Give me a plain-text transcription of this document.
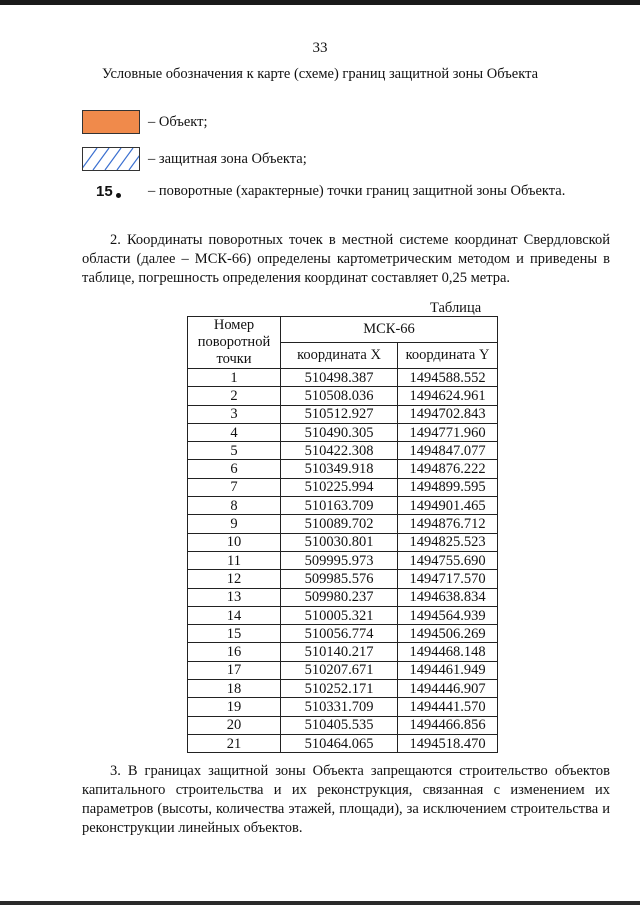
33
Условные обозначения к карте (схеме) границ защитной зоны Объекта
– Объект;
– защитная зона Объекта;
15	– поворотные (характерные) точки границ защитной зоны Объекта.
2. Координаты поворотных точек в местной системе координат Свердловской области (далее – МСК-66) определены картометрическим методом и приведены в таблице, погрешность определения координат составляет 0,25 метра.
Таблица
Номер поворотной точки	МСК-66	
	координата X	координата Y
1	510498.387	1494588.552
2	510508.036	1494624.961
3	510512.927	1494702.843
4	510490.305	1494771.960
5	510422.308	1494847.077
6	510349.918	1494876.222
7	510225.994	1494899.595
8	510163.709	1494901.465
9	510089.702	1494876.712
10	510030.801	1494825.523
11	509995.973	1494755.690
12	509985.576	1494717.570
13	509980.237	1494638.834
14	510005.321	1494564.939
15	510056.774	1494506.269
16	510140.217	1494468.148
17	510207.671	1494461.949
18	510252.171	1494446.907
19	510331.709	1494441.570
20	510405.535	1494466.856
21	510464.065	1494518.470
3. В границах защитной зоны Объекта запрещаются строительство объектов капитального строительства и их реконструкция, связанная с изменением их параметров (высоты, количества этажей, площади), за исключением строительства и реконструкции линейных объектов.
